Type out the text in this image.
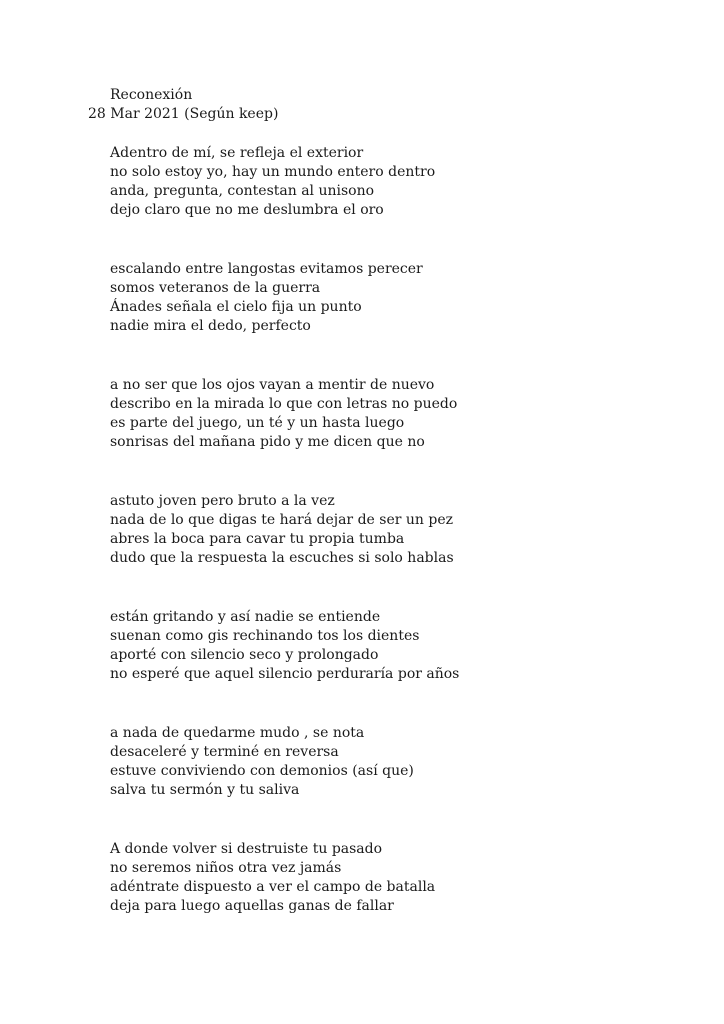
Reconexión
28 Mar 2021 (Según keep)
Adentro de mí, se refleja el exterior
no solo estoy yo, hay un mundo entero dentro
anda, pregunta, contestan al unisono
dejo claro que no me deslumbra el oro
escalando entre langostas evitamos perecer
somos veteranos de la guerra
Ánades señala el cielo fija un punto
nadie mira el dedo, perfecto
a no ser que los ojos vayan a mentir de nuevo
describo en la mirada lo que con letras no puedo
es parte del juego, un té y un hasta luego
sonrisas del mañana pido y me dicen que no
astuto joven pero bruto a la vez
nada de lo que digas te hará dejar de ser un pez
abres la boca para cavar tu propia tumba
dudo que la respuesta la escuches si solo hablas
están gritando y así nadie se entiende
suenan como gis rechinando tos los dientes
aporté con silencio seco y prolongado
no esperé que aquel silencio perduraría por años
a nada de quedarme mudo , se nota
desaceleré y terminé en reversa
estuve conviviendo con demonios (así que)
salva tu sermón y tu saliva
A donde volver si destruiste tu pasado
no seremos niños otra vez jamás
adéntrate dispuesto a ver el campo de batalla
deja para luego aquellas ganas de fallar
